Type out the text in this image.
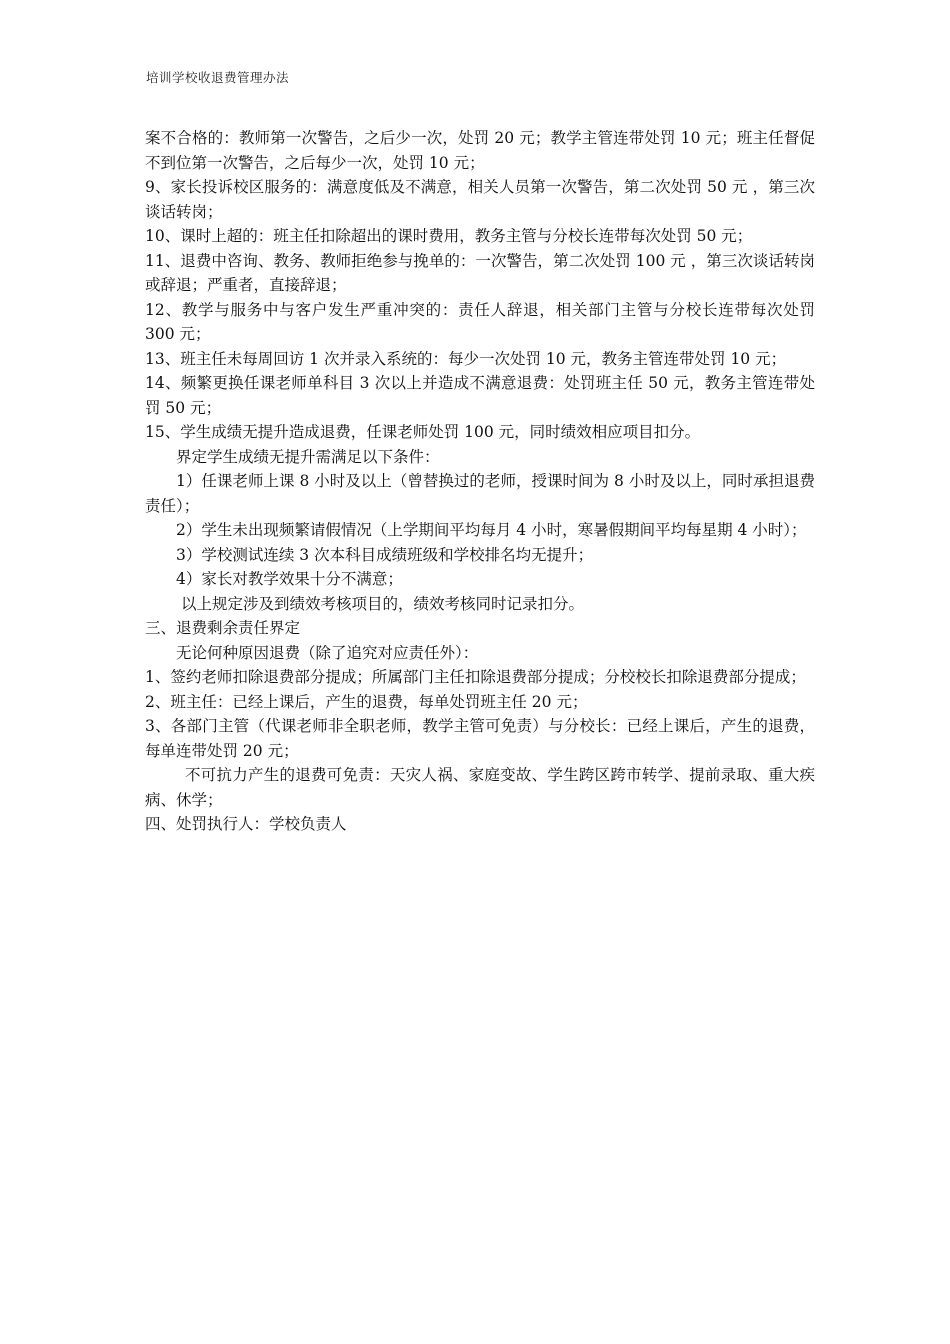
培训学校收退费管理办法

案不合格的：教师第一次警告，之后少一次，处罚 20 元；教学主管连带处罚 10 元；班主任督促不到位第一次警告，之后每少一次，处罚 10 元；

9、家长投诉校区服务的：满意度低及不满意，相关人员第一次警告，第二次处罚 50 元 ，第三次谈话转岗；

10、课时上超的：班主任扣除超出的课时费用，教务主管与分校长连带每次处罚 50 元；

11、退费中咨询、教务、教师拒绝参与挽单的：一次警告，第二次处罚 100 元 ，第三次谈话转岗或辞退；严重者，直接辞退；

12、教学与服务中与客户发生严重冲突的：责任人辞退，相关部门主管与分校长连带每次处罚 300 元；

13、班主任未每周回访 1 次并录入系统的：每少一次处罚 10 元，教务主管连带处罚 10 元；

14、频繁更换任课老师单科目 3 次以上并造成不满意退费：处罚班主任 50 元，教务主管连带处罚 50 元；

15、学生成绩无提升造成退费，任课老师处罚 100 元，同时绩效相应项目扣分。

界定学生成绩无提升需满足以下条件：

1）任课老师上课 8 小时及以上（曾替换过的老师，授课时间为 8 小时及以上，同时承担退费责任）；

2）学生未出现频繁请假情况（上学期间平均每月 4 小时，寒暑假期间平均每星期 4 小时）；

3）学校测试连续 3 次本科目成绩班级和学校排名均无提升；

4）家长对教学效果十分不满意；

以上规定涉及到绩效考核项目的，绩效考核同时记录扣分。

三、退费剩余责任界定

无论何种原因退费（除了追究对应责任外）：

1、签约老师扣除退费部分提成；所属部门主任扣除退费部分提成；分校校长扣除退费部分提成；

2、班主任：已经上课后，产生的退费，每单处罚班主任 20 元；

3、各部门主管（代课老师非全职老师，教学主管可免责）与分校长：已经上课后，产生的退费，每单连带处罚 20 元；

不可抗力产生的退费可免责：天灾人祸、家庭变故、学生跨区跨市转学、提前录取、重大疾病、休学；

四、处罚执行人：学校负责人
